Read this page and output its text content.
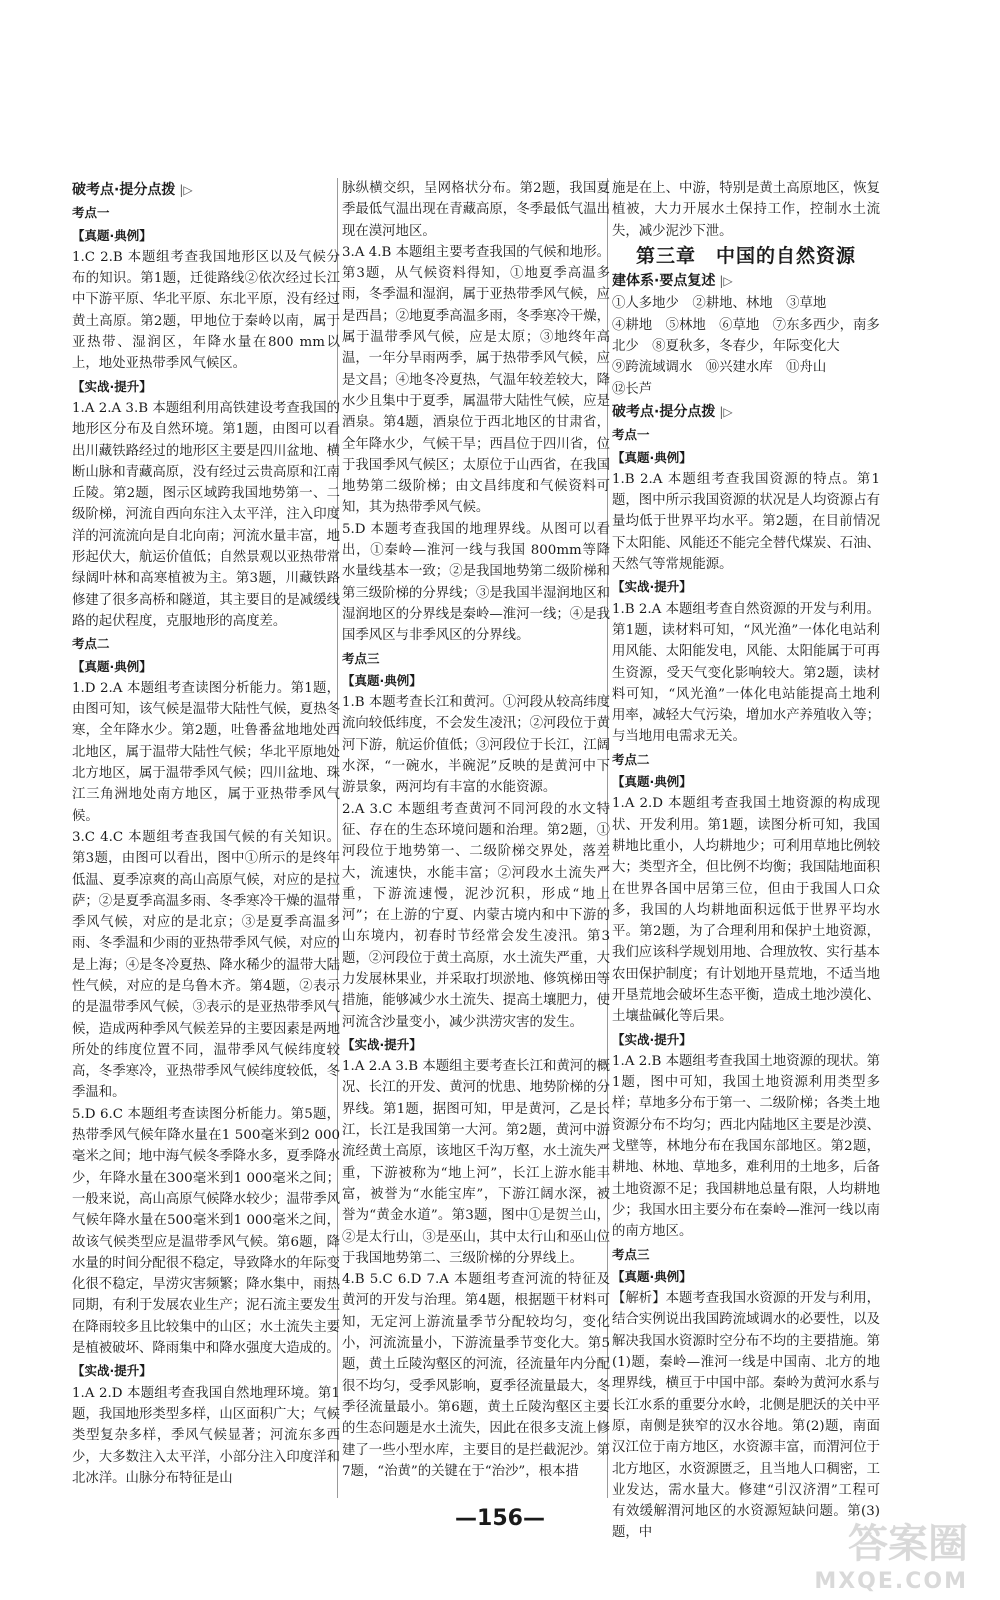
破考点·提分点拨 |▷
考点一
【真题·典例】

1.C 2.B 本题组考查我国地形区以及气候分布的知识。第1题，迁徙路线②依次经过长江中下游平原、华北平原、东北平原，没有经过黄土高原。第2题，甲地位于秦岭以南，属于亚热带、湿润区，年降水量在800 mm以上，地处亚热带季风气候区。

【实战·提升】

1.A 2.A 3.B 本题组利用高铁建设考查我国的地形区分布及自然环境。第1题，由图可以看出川藏铁路经过的地形区主要是四川盆地、横断山脉和青藏高原，没有经过云贵高原和江南丘陵。第2题，图示区域跨我国地势第一、二级阶梯，河流自西向东注入太平洋，注入印度洋的河流流向是自北向南；河流水量丰富，地形起伏大，航运价值低；自然景观以亚热带常绿阔叶林和高寒植被为主。第3题，川藏铁路修建了很多高桥和隧道，其主要目的是减缓线路的起伏程度，克服地形的高度差。

考点二
【真题·典例】

1.D 2.A 本题组考查读图分析能力。第1题，由图可知，该气候是温带大陆性气候，夏热冬寒，全年降水少。第2题，吐鲁番盆地地处西北地区，属于温带大陆性气候；华北平原地处北方地区，属于温带季风气候；四川盆地、珠江三角洲地处南方地区，属于亚热带季风气候。

3.C 4.C 本题组考查我国气候的有关知识。第3题，由图可以看出，图中①所示的是终年低温、夏季凉爽的高山高原气候，对应的是拉萨；②是夏季高温多雨、冬季寒冷干燥的温带季风气候，对应的是北京；③是夏季高温多雨、冬季温和少雨的亚热带季风气候，对应的是上海；④是冬冷夏热、降水稀少的温带大陆性气候，对应的是乌鲁木齐。第4题，②表示的是温带季风气候，③表示的是亚热带季风气候，造成两种季风气候差异的主要因素是两地所处的纬度位置不同，温带季风气候纬度较高，冬季寒冷，亚热带季风气候纬度较低，冬季温和。

5.D 6.C 本题组考查读图分析能力。第5题，热带季风气候年降水量在1 500毫米到2 000毫米之间；地中海气候冬季降水多，夏季降水少，年降水量在300毫米到1 000毫米之间；一般来说，高山高原气候降水较少；温带季风气候年降水量在500毫米到1 000毫米之间，故该气候类型应是温带季风气候。第6题，降水量的时间分配很不稳定，导致降水的年际变化很不稳定，旱涝灾害频繁；降水集中，雨热同期，有利于发展农业生产；泥石流主要发生在降雨较多且比较集中的山区；水土流失主要是植被破坏、降雨集中和降水强度大造成的。

【实战·提升】

1.A 2.D 本题组考查我国自然地理环境。第1题，我国地形类型多样，山区面积广大；气候类型复杂多样，季风气候显著；河流东多西少，大多数注入太平洋，小部分注入印度洋和北冰洋。山脉分布特征是山

脉纵横交织，呈网格状分布。第2题，我国夏季最低气温出现在青藏高原，冬季最低气温出现在漠河地区。

3.A 4.B 本题组主要考查我国的气候和地形。第3题，从气候资料得知，①地夏季高温多雨，冬季温和湿润，属于亚热带季风气候，应是西昌；②地夏季高温多雨，冬季寒冷干燥，属于温带季风气候，应是太原；③地终年高温，一年分旱雨两季，属于热带季风气候，应是文昌；④地冬冷夏热，气温年较差较大，降水少且集中于夏季，属温带大陆性气候，应是酒泉。第4题，酒泉位于西北地区的甘肃省，全年降水少，气候干旱；西昌位于四川省，位于我国季风气候区；太原位于山西省，在我国地势第二级阶梯；由文昌纬度和气候资料可知，其为热带季风气候。

5.D 本题考查我国的地理界线。从图可以看出，①秦岭—淮河一线与我国 800mm等降水量线基本一致；②是我国地势第二级阶梯和第三级阶梯的分界线；③是我国半湿润地区和湿润地区的分界线是秦岭—淮河一线；④是我国季风区与非季风区的分界线。

考点三
【真题·典例】

1.B 本题考查长江和黄河。①河段从较高纬度流向较低纬度，不会发生凌汛；②河段位于黄河下游，航运价值低；③河段位于长江，江阔水深，“一碗水，半碗泥”反映的是黄河中下游景象，两河均有丰富的水能资源。

2.A 3.C 本题组考查黄河不同河段的水文特征、存在的生态环境问题和治理。第2题，①河段位于地势第一、二级阶梯交界处，落差大，流速快，水能丰富；②河段水土流失严重，下游流速慢，泥沙沉积，形成“地上河”；在上游的宁夏、内蒙古境内和中下游的山东境内，初春时节经常会发生凌汛。第3题，②河段位于黄土高原，水土流失严重，大力发展林果业，并采取打坝淤地、修筑梯田等措施，能够减少水土流失、提高土壤肥力，使河流含沙量变小，减少洪涝灾害的发生。

【实战·提升】

1.A 2.A 3.B 本题组主要考查长江和黄河的概况、长江的开发、黄河的忧患、地势阶梯的分界线。第1题，据图可知，甲是黄河，乙是长江，长江是我国第一大河。第2题，黄河中游流经黄土高原，该地区千沟万壑，水土流失严重，下游被称为“地上河”，长江上游水能丰富，被誉为“水能宝库”，下游江阔水深，被誉为“黄金水道”。第3题，图中①是贺兰山，②是太行山，③是巫山，其中太行山和巫山位于我国地势第二、三级阶梯的分界线上。

4.B 5.C 6.D 7.A 本题组考查河流的特征及黄河的开发与治理。第4题，根据题干材料可知，无定河上游流量季节分配较均匀，变化小，河流流量小，下游流量季节变化大。第5题，黄土丘陵沟壑区的河流，径流量年内分配很不均匀，受季风影响，夏季径流量最大，冬季径流量最小。第6题，黄土丘陵沟壑区主要的生态问题是水土流失，因此在很多支流上修建了一些小型水库，主要目的是拦截泥沙。第7题，“治黄”的关键在于“治沙”，根本措

施是在上、中游，特别是黄土高原地区，恢复植被，大力开展水土保持工作，控制水土流失，减少泥沙下泄。

第三章　中国的自然资源
建体系·要点复述 |▷
①人多地少　②耕地、林地　③草地
④耕地　⑤林地　⑥草地　⑦东多西少，南多北少　⑧夏秋多，冬春少，年际变化大
⑨跨流域调水　⑩兴建水库　⑪舟山
⑫长芦
破考点·提分点拨 |▷
考点一
【真题·典例】

1.B 2.A 本题组考查我国资源的特点。第1题，图中所示我国资源的状况是人均资源占有量均低于世界平均水平。第2题，在目前情况下太阳能、风能还不能完全替代煤炭、石油、天然气等常规能源。

【实战·提升】

1.B 2.A 本题组考查自然资源的开发与利用。第1题，读材料可知，“风光渔”一体化电站利用风能、太阳能发电，风能、太阳能属于可再生资源，受天气变化影响较大。第2题，读材料可知，“风光渔”一体化电站能提高土地利用率，减轻大气污染，增加水产养殖收入等；与当地用电需求无关。

考点二
【真题·典例】

1.A 2.D 本题组考查我国土地资源的构成现状、开发利用。第1题，读图分析可知，我国耕地比重小，人均耕地少；可利用草地比例较大；类型齐全，但比例不均衡；我国陆地面积在世界各国中居第三位，但由于我国人口众多，我国的人均耕地面积远低于世界平均水平。第2题，为了合理利用和保护土地资源，我们应该科学规划用地、合理放牧、实行基本农田保护制度；有计划地开垦荒地，不适当地开垦荒地会破坏生态平衡，造成土地沙漠化、土壤盐碱化等后果。

【实战·提升】

1.A 2.B 本题组考查我国土地资源的现状。第1题，图中可知，我国土地资源利用类型多样；草地多分布于第一、二级阶梯；各类土地资源分布不均匀；西北内陆地区主要是沙漠、戈壁等，林地分布在我国东部地区。第2题，耕地、林地、草地多，难利用的土地多，后备土地资源不足；我国耕地总量有限，人均耕地少；我国水田主要分布在秦岭—淮河一线以南的南方地区。

考点三
【真题·典例】

【解析】本题考查我国水资源的开发与利用，结合实例说出我国跨流域调水的必要性，以及解决我国水资源时空分布不均的主要措施。第(1)题，秦岭—淮河一线是中国南、北方的地理界线，横亘于中国中部。秦岭为黄河水系与长江水系的重要分水岭，北侧是肥沃的关中平原，南侧是狭窄的汉水谷地。第(2)题，南面汉江位于南方地区，水资源丰富，而渭河位于北方地区，水资源匮乏，且当地人口稠密，工业发达，需水量大。修建“引汉济渭”工程可有效缓解渭河地区的水资源短缺问题。第(3)题，中

—156—
答案圈
MXQE.COM
